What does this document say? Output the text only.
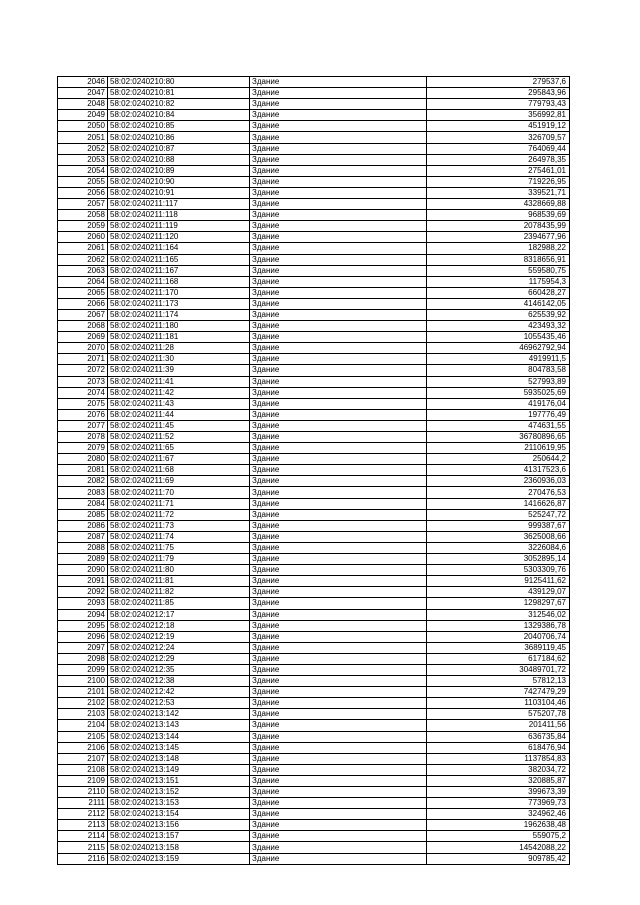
2046	58:02:0240210:80	Здание	279537,6
2047	58:02:0240210:81	Здание	295843,96
2048	58:02:0240210:82	Здание	779793,43
2049	58:02:0240210:84	Здание	356992,81
2050	58:02:0240210:85	Здание	451919,12
2051	58:02:0240210:86	Здание	326709,57
2052	58:02:0240210:87	Здание	764069,44
2053	58:02:0240210:88	Здание	264978,35
2054	58:02:0240210:89	Здание	275461,01
2055	58:02:0240210:90	Здание	719226,95
2056	58:02:0240210:91	Здание	339521,71
2057	58:02:0240211:117	Здание	4328669,88
2058	58:02:0240211:118	Здание	968539,69
2059	58:02:0240211:119	Здание	2078435,99
2060	58:02:0240211:120	Здание	2394677,96
2061	58:02:0240211:164	Здание	182988,22
2062	58:02:0240211:165	Здание	8318656,91
2063	58:02:0240211:167	Здание	559580,75
2064	58:02:0240211:168	Здание	1175954,3
2065	58:02:0240211:170	Здание	660428,27
2066	58:02:0240211:173	Здание	4146142,05
2067	58:02:0240211:174	Здание	625539,92
2068	58:02:0240211:180	Здание	423493,32
2069	58:02:0240211:181	Здание	1055435,46
2070	58:02:0240211:28	Здание	46962792,94
2071	58:02:0240211:30	Здание	4919911,5
2072	58:02:0240211:39	Здание	804783,58
2073	58:02:0240211:41	Здание	527993,89
2074	58:02:0240211:42	Здание	5935025,69
2075	58:02:0240211:43	Здание	419176,04
2076	58:02:0240211:44	Здание	197776,49
2077	58:02:0240211:45	Здание	474631,55
2078	58:02:0240211:52	Здание	36780896,65
2079	58:02:0240211:65	Здание	2110619,95
2080	58:02:0240211:67	Здание	250644,2
2081	58:02:0240211:68	Здание	41317523,6
2082	58:02:0240211:69	Здание	2360936,03
2083	58:02:0240211:70	Здание	270476,53
2084	58:02:0240211:71	Здание	1416626,87
2085	58:02:0240211:72	Здание	525247,72
2086	58:02:0240211:73	Здание	999387,67
2087	58:02:0240211:74	Здание	3625008,66
2088	58:02:0240211:75	Здание	3226084,6
2089	58:02:0240211:79	Здание	3052895,14
2090	58:02:0240211:80	Здание	5303309,76
2091	58:02:0240211:81	Здание	9125411,62
2092	58:02:0240211:82	Здание	439129,07
2093	58:02:0240211:85	Здание	1298297,67
2094	58:02:0240212:17	Здание	312546,02
2095	58:02:0240212:18	Здание	1329386,78
2096	58:02:0240212:19	Здание	2040706,74
2097	58:02:0240212:24	Здание	3689119,45
2098	58:02:0240212:29	Здание	617184,62
2099	58:02:0240212:35	Здание	30489701,72
2100	58:02:0240212:38	Здание	57812,13
2101	58:02:0240212:42	Здание	7427479,29
2102	58:02:0240212:53	Здание	1103104,46
2103	58:02:0240213:142	Здание	575207,78
2104	58:02:0240213:143	Здание	201411,56
2105	58:02:0240213:144	Здание	636735,84
2106	58:02:0240213:145	Здание	618476,94
2107	58:02:0240213:148	Здание	1137854,83
2108	58:02:0240213:149	Здание	382034,72
2109	58:02:0240213:151	Здание	320885,87
2110	58:02:0240213:152	Здание	399673,39
2111	58:02:0240213:153	Здание	773969,73
2112	58:02:0240213:154	Здание	324962,46
2113	58:02:0240213:156	Здание	1962638,48
2114	58:02:0240213:157	Здание	559075,2
2115	58:02:0240213:158	Здание	14542088,22
2116	58:02:0240213:159	Здание	909785,42
